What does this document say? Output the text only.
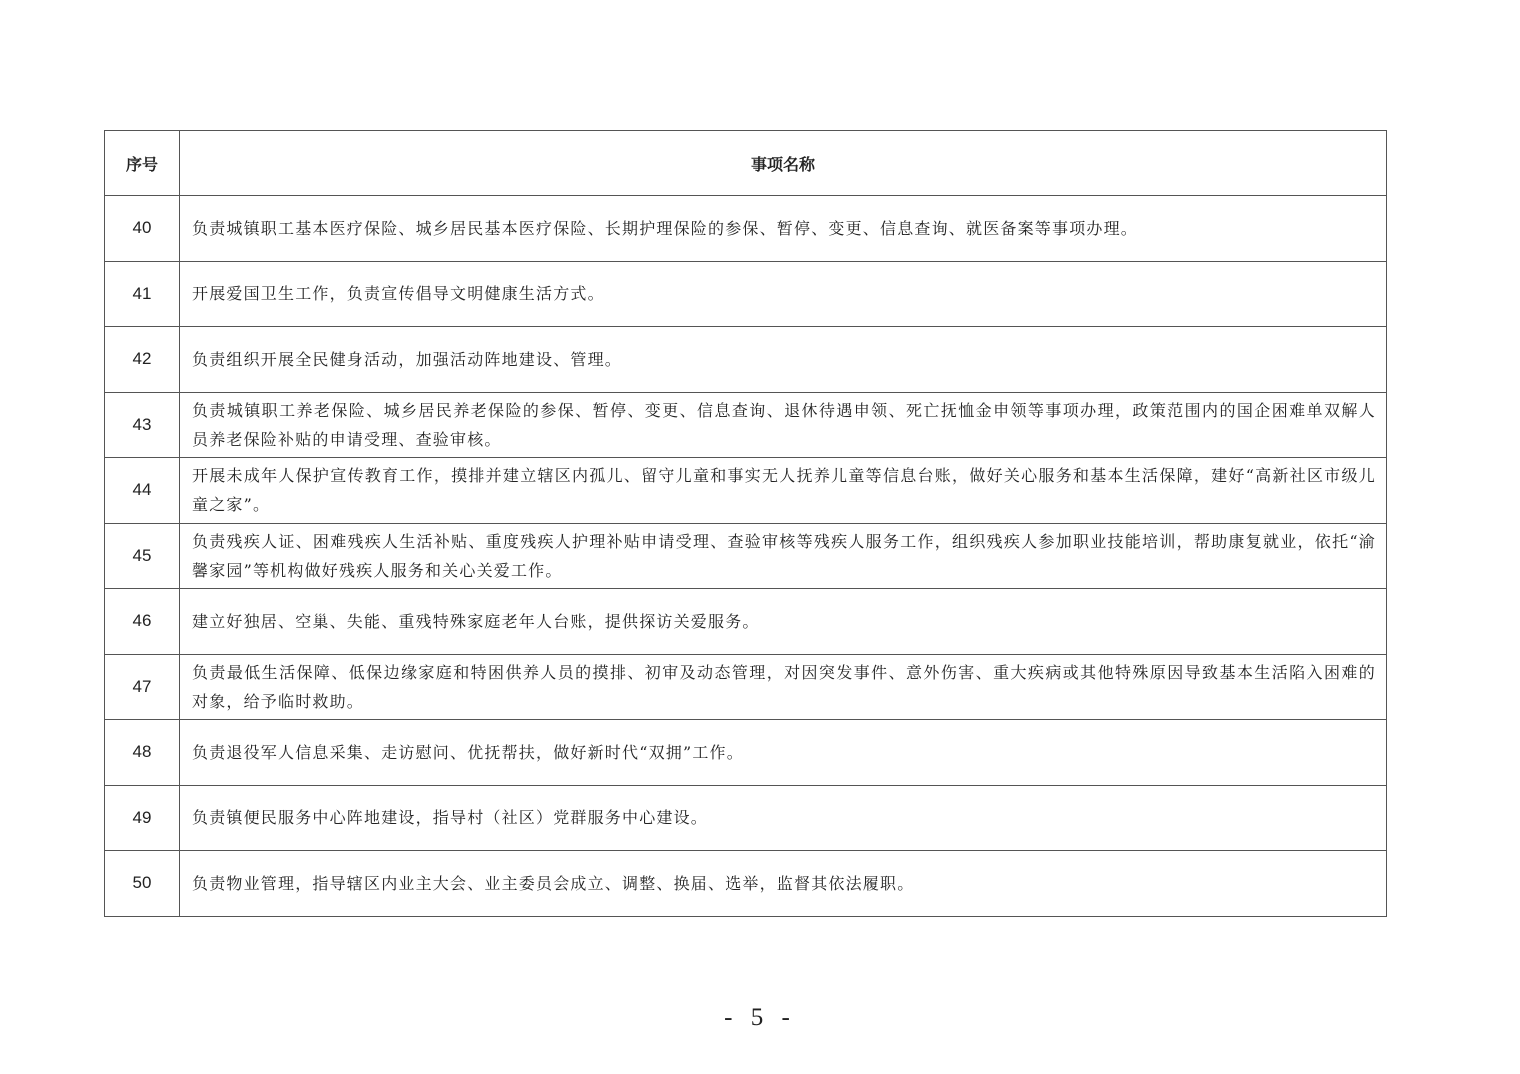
序号	事项名称
40	负责城镇职工基本医疗保险、城乡居民基本医疗保险、长期护理保险的参保、暂停、变更、信息查询、就医备案等事项办理。
41	开展爱国卫生工作，负责宣传倡导文明健康生活方式。
42	负责组织开展全民健身活动，加强活动阵地建设、管理。
43	负责城镇职工养老保险、城乡居民养老保险的参保、暂停、变更、信息查询、退休待遇申领、死亡抚恤金申领等事项办理，政策范围内的国企困难单双解人员养老保险补贴的申请受理、查验审核。
44	开展未成年人保护宣传教育工作，摸排并建立辖区内孤儿、留守儿童和事实无人抚养儿童等信息台账，做好关心服务和基本生活保障，建好“高新社区市级儿童之家”。
45	负责残疾人证、困难残疾人生活补贴、重度残疾人护理补贴申请受理、查验审核等残疾人服务工作，组织残疾人参加职业技能培训，帮助康复就业，依托“渝馨家园”等机构做好残疾人服务和关心关爱工作。
46	建立好独居、空巢、失能、重残特殊家庭老年人台账，提供探访关爱服务。
47	负责最低生活保障、低保边缘家庭和特困供养人员的摸排、初审及动态管理，对因突发事件、意外伤害、重大疾病或其他特殊原因导致基本生活陷入困难的对象，给予临时救助。
48	负责退役军人信息采集、走访慰问、优抚帮扶，做好新时代“双拥”工作。
49	负责镇便民服务中心阵地建设，指导村（社区）党群服务中心建设。
50	负责物业管理，指导辖区内业主大会、业主委员会成立、调整、换届、选举，监督其依法履职。
- 5 -
